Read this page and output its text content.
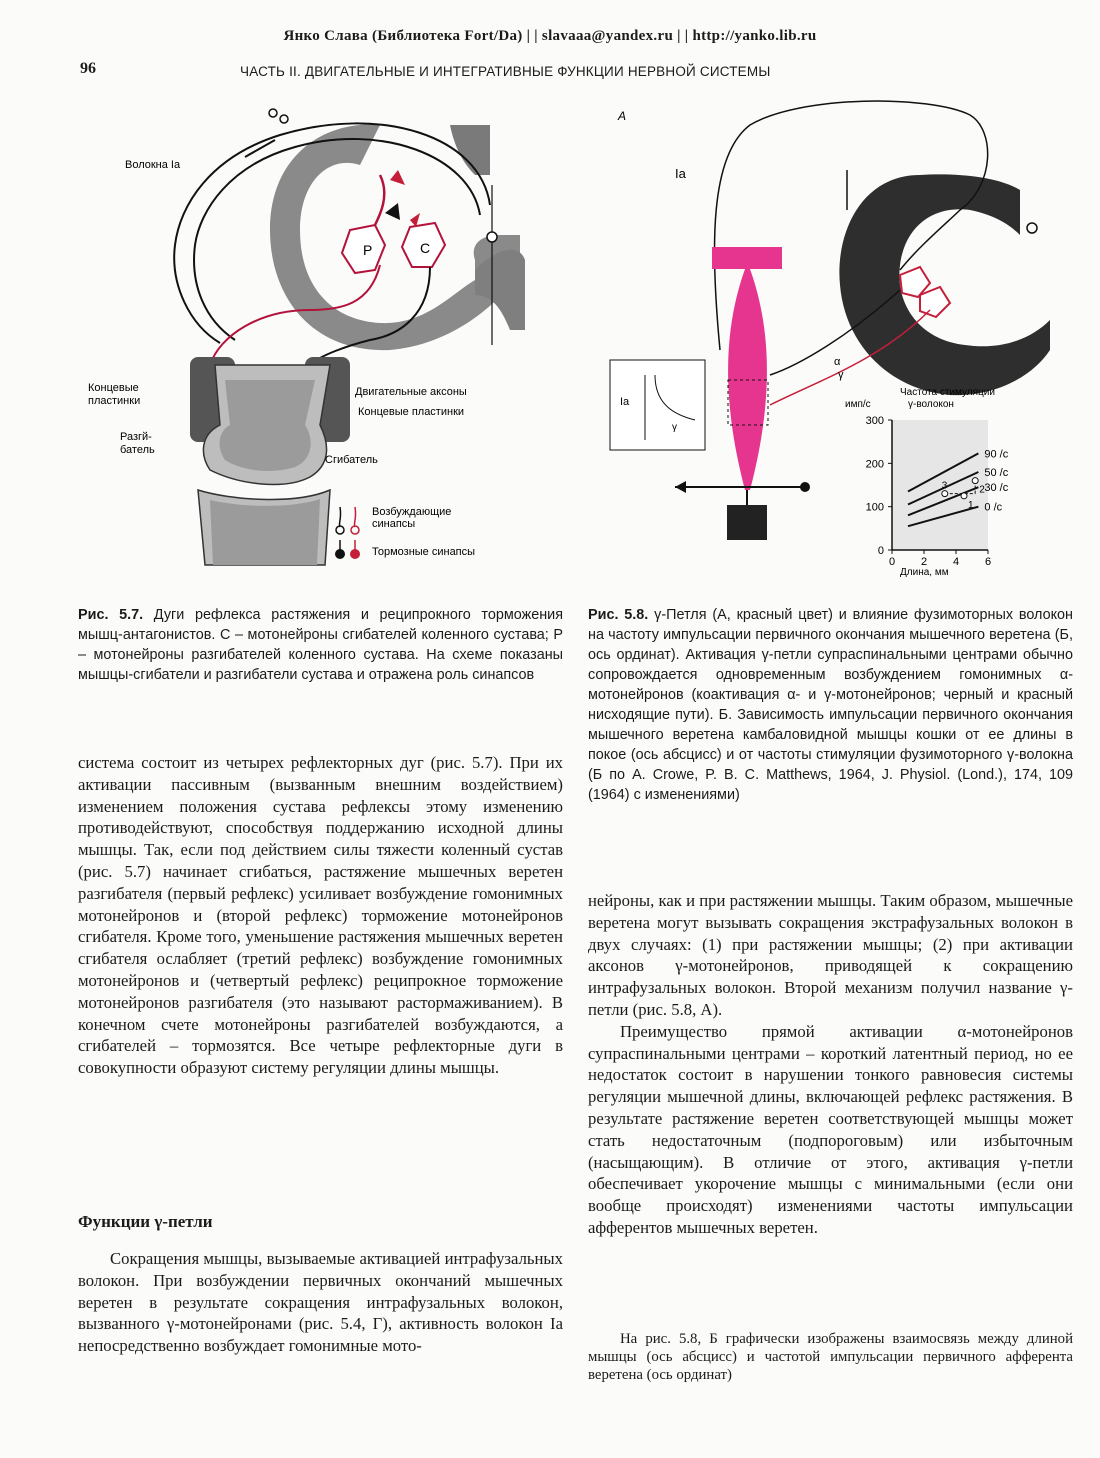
Янко Слава (Библиотека Fort/Da) | | slavaaa@yandex.ru | | http://yanko.lib.ru
96	ЧАСТЬ II. ДВИГАТЕЛЬНЫЕ И ИНТЕГРАТИВНЫЕ ФУНКЦИИ НЕРВНОЙ СИСТЕМЫ
P	C
Волокна Ia
Концевые
пластинки
Разгй-
батель
Двигательные аксоны
Концевые пластинки
Сгибатель
Возбуждающие
синапсы
Тормозные синапсы
А
Ia
α
γ
Ia
γ
Частота стимуляции
γ-волокон
имп/с
Длина, мм
0
100
200
300
0 2 4 6
90 /c
50 /c
30 /c
0 /c
1
2
3
Рис. 5.7. Дуги рефлекса растяжения и реципрокного торможения мышц-антагонистов. С – мотонейроны сгибателей коленного сустава; Р – мотонейроны разгибателей коленного сустава. На схеме показаны мышцы-сгибатели и разгибатели сустава и отражена роль синапсов
Рис. 5.8. γ-Петля (А, красный цвет) и влияние фузимоторных волокон на частоту импульсации первичного окончания мышечного веретена (Б, ось ординат). Активация γ-петли супраспинальными центрами обычно сопровождается одновременным возбуждением гомонимных α-мотонейронов (коактивация α- и γ-мотонейронов; черный и красный нисходящие пути). Б. Зависимость импульсации первичного окончания мышечного веретена камбаловидной мышцы кошки от ее длины в покое (ось абсцисс) и от частоты стимуляции фузимоторного γ-волокна (Б по A. Crowe, P. B. C. Matthews, 1964, J. Physiol. (Lond.), 174, 109 (1964) с изменениями)

система состоит из четырех рефлекторных дуг (рис. 5.7). При их активации пассивным (вызванным внешним воздействием) изменением положения сустава рефлексы этому изменению противодействуют, способствуя поддержанию исходной длины мышцы. Так, если под действием силы тяжести коленный сустав (рис. 5.7) начинает сгибаться, растяжение мышечных веретен разгибателя (первый рефлекс) усиливает возбуждение гомонимных мотонейронов и (второй рефлекс) торможение мотонейронов сгибателя. Кроме того, уменьшение растяжения мышечных веретен сгибателя ослабляет (третий рефлекс) возбуждение гомонимных мотонейронов и (четвертый рефлекс) реципрокное торможение мотонейронов разгибателя (это называют растормаживанием). В конечном счете мотонейроны разгибателей возбуждаются, а сгибателей – тормозятся. Все четыре рефлекторные дуги в совокупности образуют систему регуляции длины мышцы.

Функции γ-петли

Сокращения мышцы, вызываемые активацией интрафузальных волокон. При возбуждении первичных окончаний мышечных веретен в результате сокращения интрафузальных волокон, вызванного γ-мотонейронами (рис. 5.4, Г), активность волокон Ia непосредственно возбуждает гомонимные мото-

нейроны, как и при растяжении мышцы. Таким образом, мышечные веретена могут вызывать сокращения экстрафузальных волокон в двух случаях: (1) при растяжении мышцы; (2) при активации аксонов γ-мотонейронов, приводящей к сокращению интрафузальных волокон. Второй механизм получил название γ-петли (рис. 5.8, А).

Преимущество прямой активации α-мотонейронов супраспинальными центрами – короткий латентный период, но ее недостаток состоит в нарушении тонкого равновесия системы регуляции мышечной длины, включающей рефлекс растяжения. В результате растяжение веретен соответствующей мышцы может стать недостаточным (подпороговым) или избыточным (насыщающим). В отличие от этого, активация γ-петли обеспечивает укорочение мышцы с минимальными (если они вообще происходят) изменениями частоты импульсации афферентов мышечных веретен.

На рис. 5.8, Б графически изображены взаимосвязь между длиной мышцы (ось абсцисс) и частотой импульсации первичного афферента веретена (ось ординат)
